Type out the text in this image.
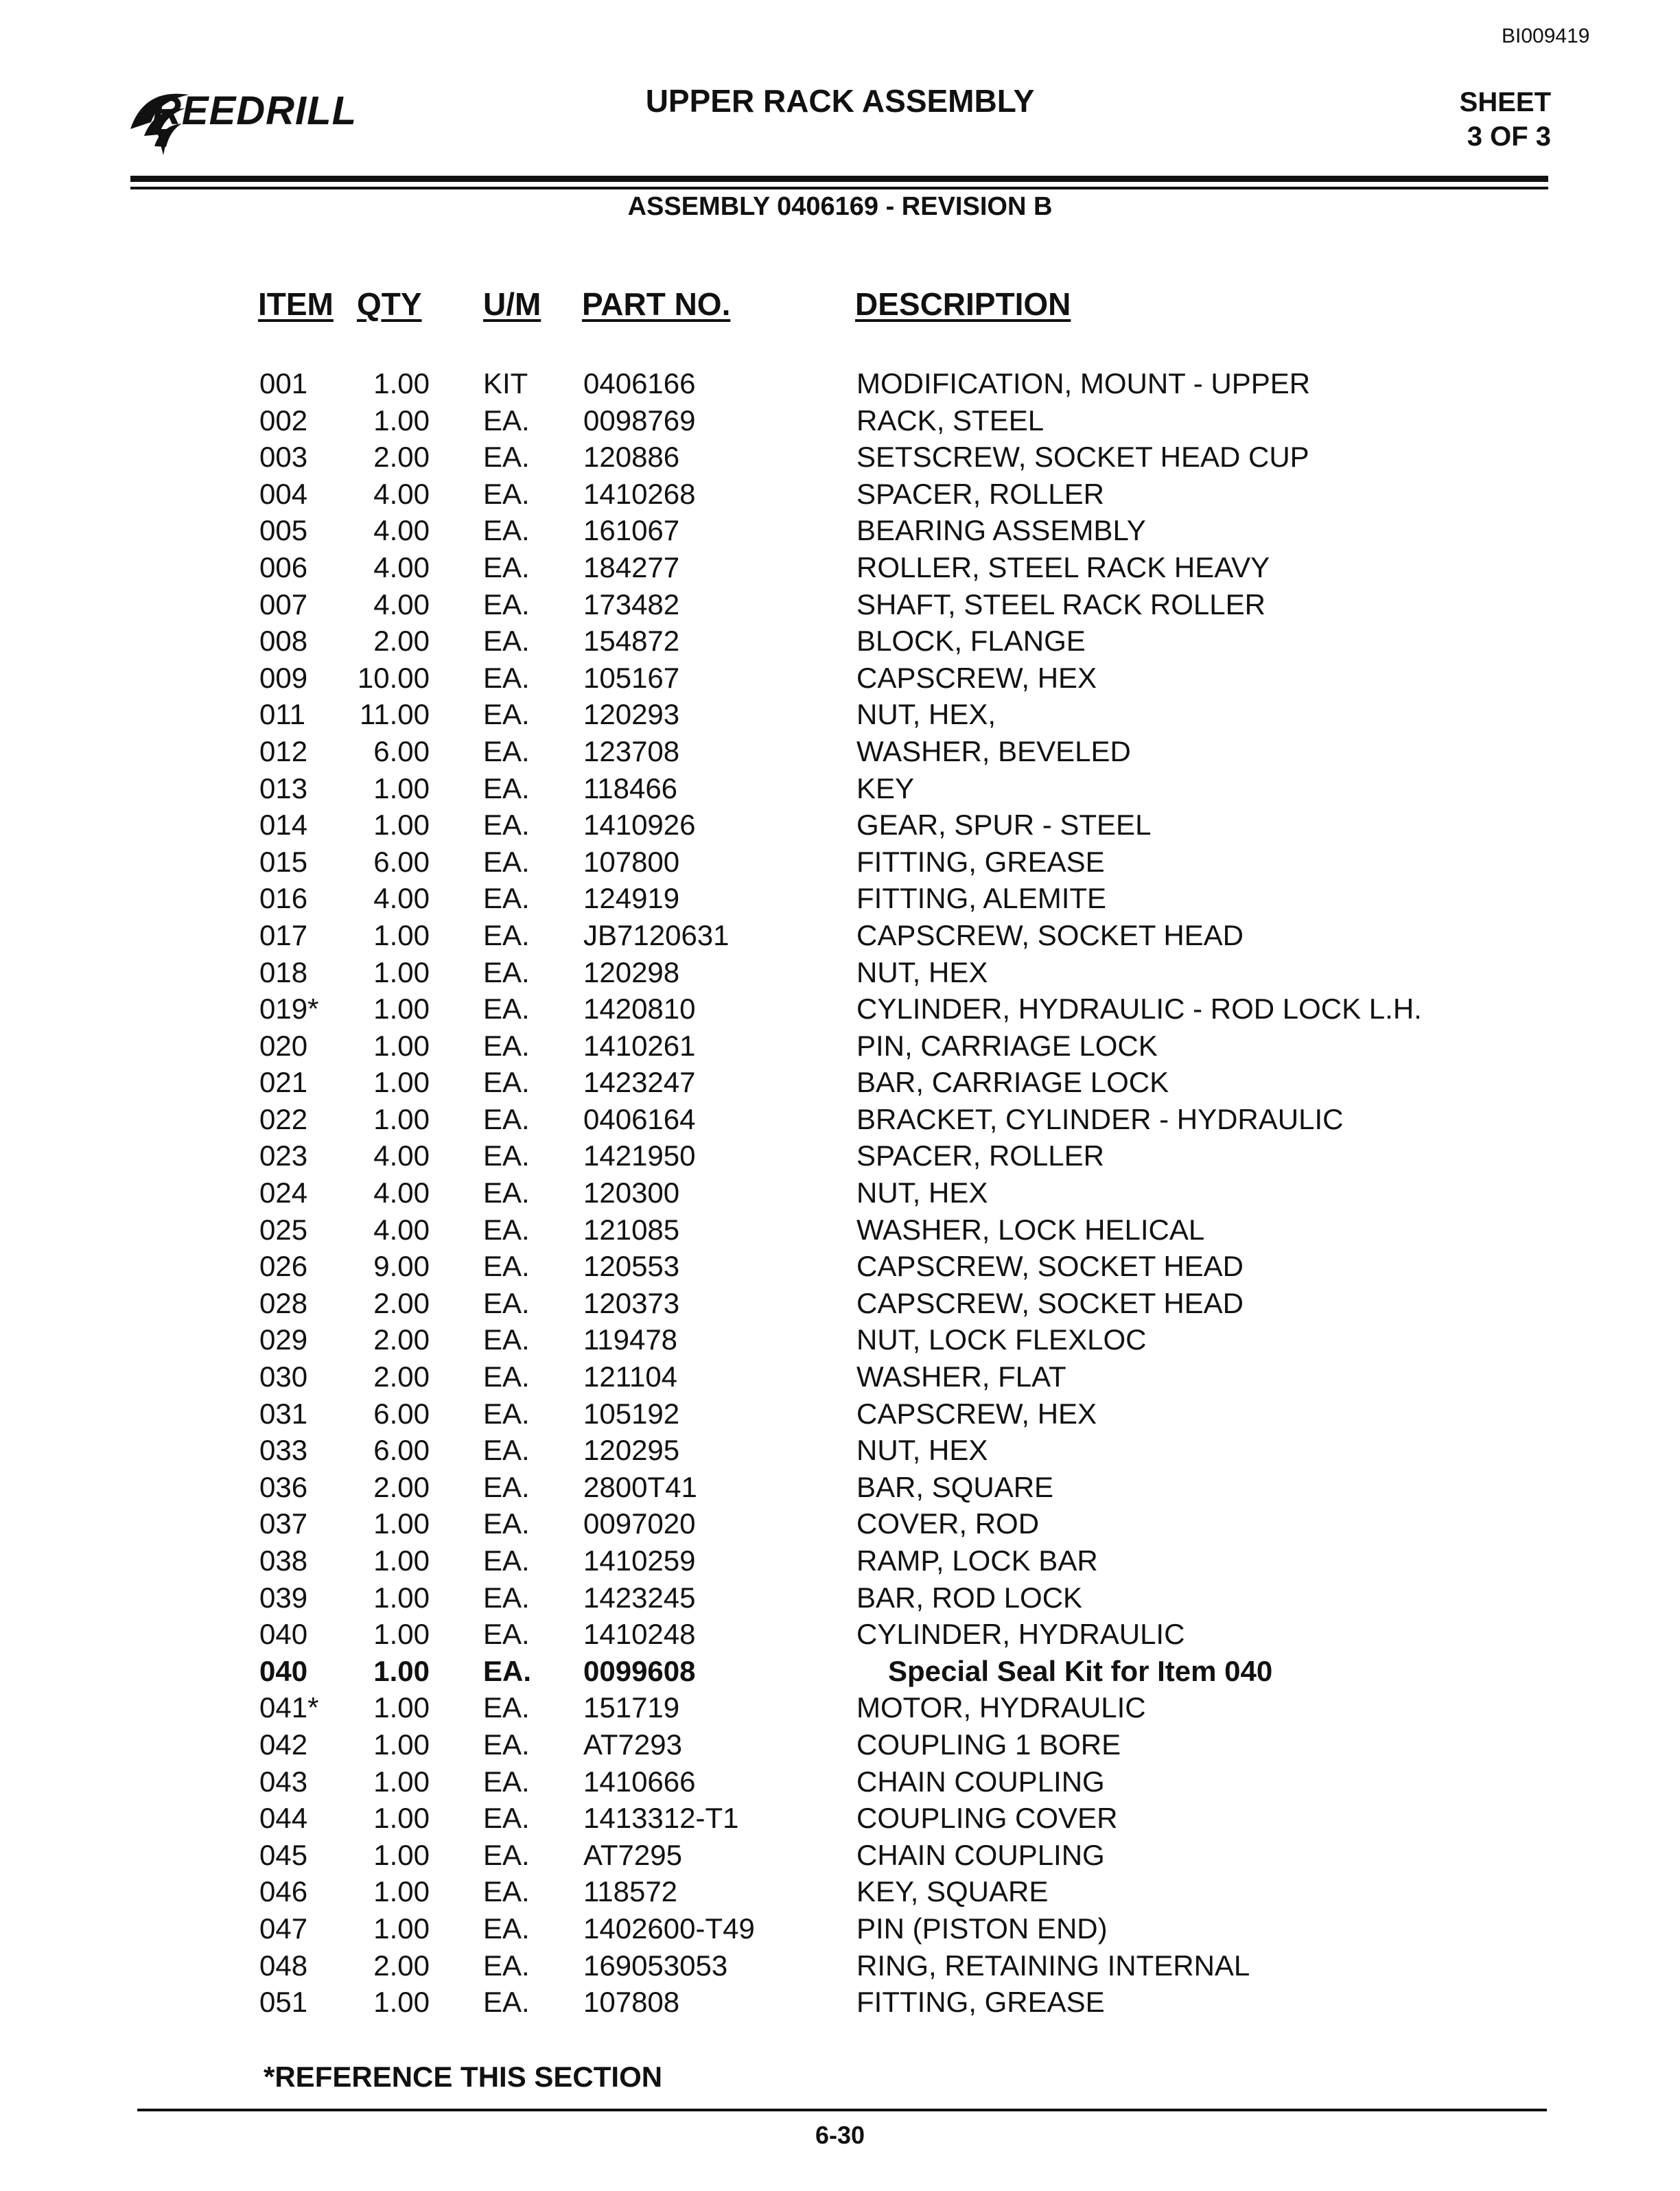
BI009419
REEDRILL	UPPER RACK ASSEMBLY	SHEET
3 OF 3
ASSEMBLY 0406169 - REVISION B
ITEM QTY U/M PART NO.	DESCRIPTION
001	1.00 KIT 0406166	MODIFICATION, MOUNT - UPPER
002	1.00 EA. 0098769	RACK, STEEL
003	2.00 EA. 120886	SETSCREW, SOCKET HEAD CUP
004	4.00 EA. 1410268	SPACER, ROLLER
005	4.00 EA. 161067	BEARING ASSEMBLY
006	4.00 EA. 184277	ROLLER, STEEL RACK HEAVY
007	4.00 EA. 173482	SHAFT, STEEL RACK ROLLER
008	2.00 EA. 154872	BLOCK, FLANGE
009	10.00 EA. 105167	CAPSCREW, HEX
011	11.00 EA. 120293	NUT, HEX,
012	6.00 EA. 123708	WASHER, BEVELED
013	1.00 EA. 118466	KEY
014	1.00 EA. 1410926	GEAR, SPUR - STEEL
015	6.00 EA. 107800	FITTING, GREASE
016	4.00 EA. 124919	FITTING, ALEMITE
017	1.00 EA. JB7120631	CAPSCREW, SOCKET HEAD
018	1.00 EA. 120298	NUT, HEX
019*	1.00 EA. 1420810	CYLINDER, HYDRAULIC - ROD LOCK L.H.
020	1.00 EA. 1410261	PIN, CARRIAGE LOCK
021	1.00 EA. 1423247	BAR, CARRIAGE LOCK
022	1.00 EA. 0406164	BRACKET, CYLINDER - HYDRAULIC
023	4.00 EA. 1421950	SPACER, ROLLER
024	4.00 EA. 120300	NUT, HEX
025	4.00 EA. 121085	WASHER, LOCK HELICAL
026	9.00 EA. 120553	CAPSCREW, SOCKET HEAD
028	2.00 EA. 120373	CAPSCREW, SOCKET HEAD
029	2.00 EA. 119478	NUT, LOCK FLEXLOC
030	2.00 EA. 121104	WASHER, FLAT
031	6.00 EA. 105192	CAPSCREW, HEX
033	6.00 EA. 120295	NUT, HEX
036	2.00 EA. 2800T41	BAR, SQUARE
037	1.00 EA. 0097020	COVER, ROD
038	1.00 EA. 1410259	RAMP, LOCK BAR
039	1.00 EA. 1423245	BAR, ROD LOCK
040	1.00 EA. 1410248	CYLINDER, HYDRAULIC
040	1.00 EA. 0099608	Special Seal Kit for Item 040
041*	1.00 EA. 151719	MOTOR, HYDRAULIC
042	1.00 EA. AT7293	COUPLING 1 BORE
043	1.00 EA. 1410666	CHAIN COUPLING
044	1.00 EA. 1413312-T1	COUPLING COVER
045	1.00 EA. AT7295	CHAIN COUPLING
046	1.00 EA. 118572	KEY, SQUARE
047	1.00 EA. 1402600-T49	PIN (PISTON END)
048	2.00 EA. 169053053	RING, RETAINING INTERNAL
051	1.00 EA. 107808	FITTING, GREASE
*REFERENCE THIS SECTION
6-30
